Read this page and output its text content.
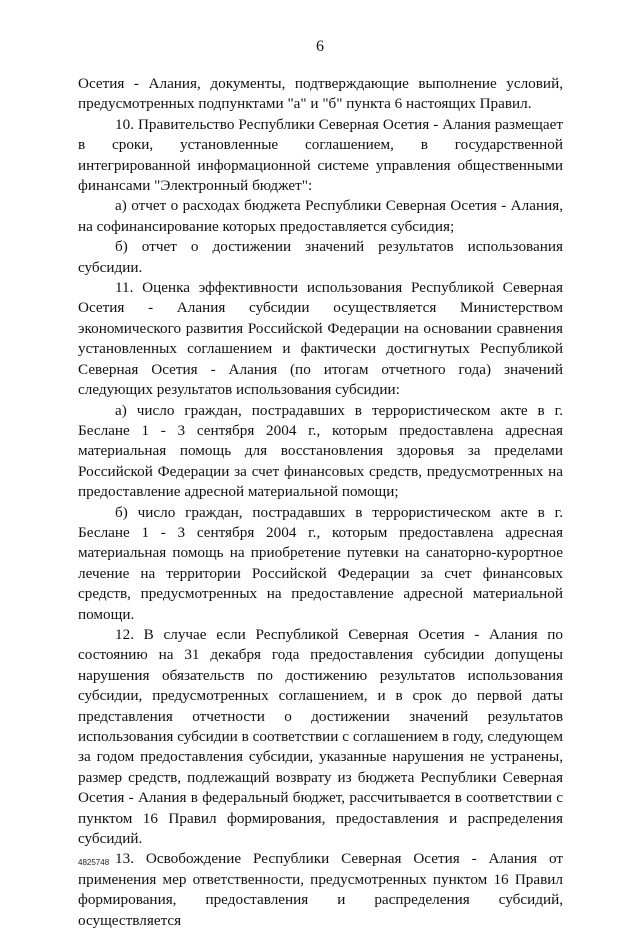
6

Осетия - Алания, документы, подтверждающие выполнение условий, предусмотренных подпунктами "а" и "б" пункта 6 настоящих Правил.

10. Правительство Республики Северная Осетия - Алания размещает в сроки, установленные соглашением, в государственной интегрированной информационной системе управления общественными финансами "Электронный бюджет":

а) отчет о расходах бюджета Республики Северная Осетия - Алания, на софинансирование которых предоставляется субсидия;

б) отчет о достижении значений результатов использования субсидии.

11. Оценка эффективности использования Республикой Северная Осетия - Алания субсидии осуществляется Министерством экономического развития Российской Федерации на основании сравнения установленных соглашением и фактически достигнутых Республикой Северная Осетия - Алания (по итогам отчетного года) значений следующих результатов использования субсидии:

а) число граждан, пострадавших в террористическом акте в г. Беслане 1 - 3 сентября 2004 г., которым предоставлена адресная материальная помощь для восстановления здоровья за пределами Российской Федерации за счет финансовых средств, предусмотренных на предоставление адресной материальной помощи;

б) число граждан, пострадавших в террористическом акте в г. Беслане 1 - 3 сентября 2004 г., которым предоставлена адресная материальная помощь на приобретение путевки на санаторно-курортное лечение на территории Российской Федерации за счет финансовых средств, предусмотренных на предоставление адресной материальной помощи.

12. В случае если Республикой Северная Осетия - Алания по состоянию на 31 декабря года предоставления субсидии допущены нарушения обязательств по достижению результатов использования субсидии, предусмотренных соглашением, и в срок до первой даты представления отчетности о достижении значений результатов использования субсидии в соответствии с соглашением в году, следующем за годом предоставления субсидии, указанные нарушения не устранены, размер средств, подлежащий возврату из бюджета Республики Северная Осетия - Алания в федеральный бюджет, рассчитывается в соответствии с пунктом 16 Правил формирования, предоставления и распределения субсидий.

13. Освобождение Республики Северная Осетия - Алания от применения мер ответственности, предусмотренных пунктом 16 Правил формирования, предоставления и распределения субсидий, осуществляется

4825748
